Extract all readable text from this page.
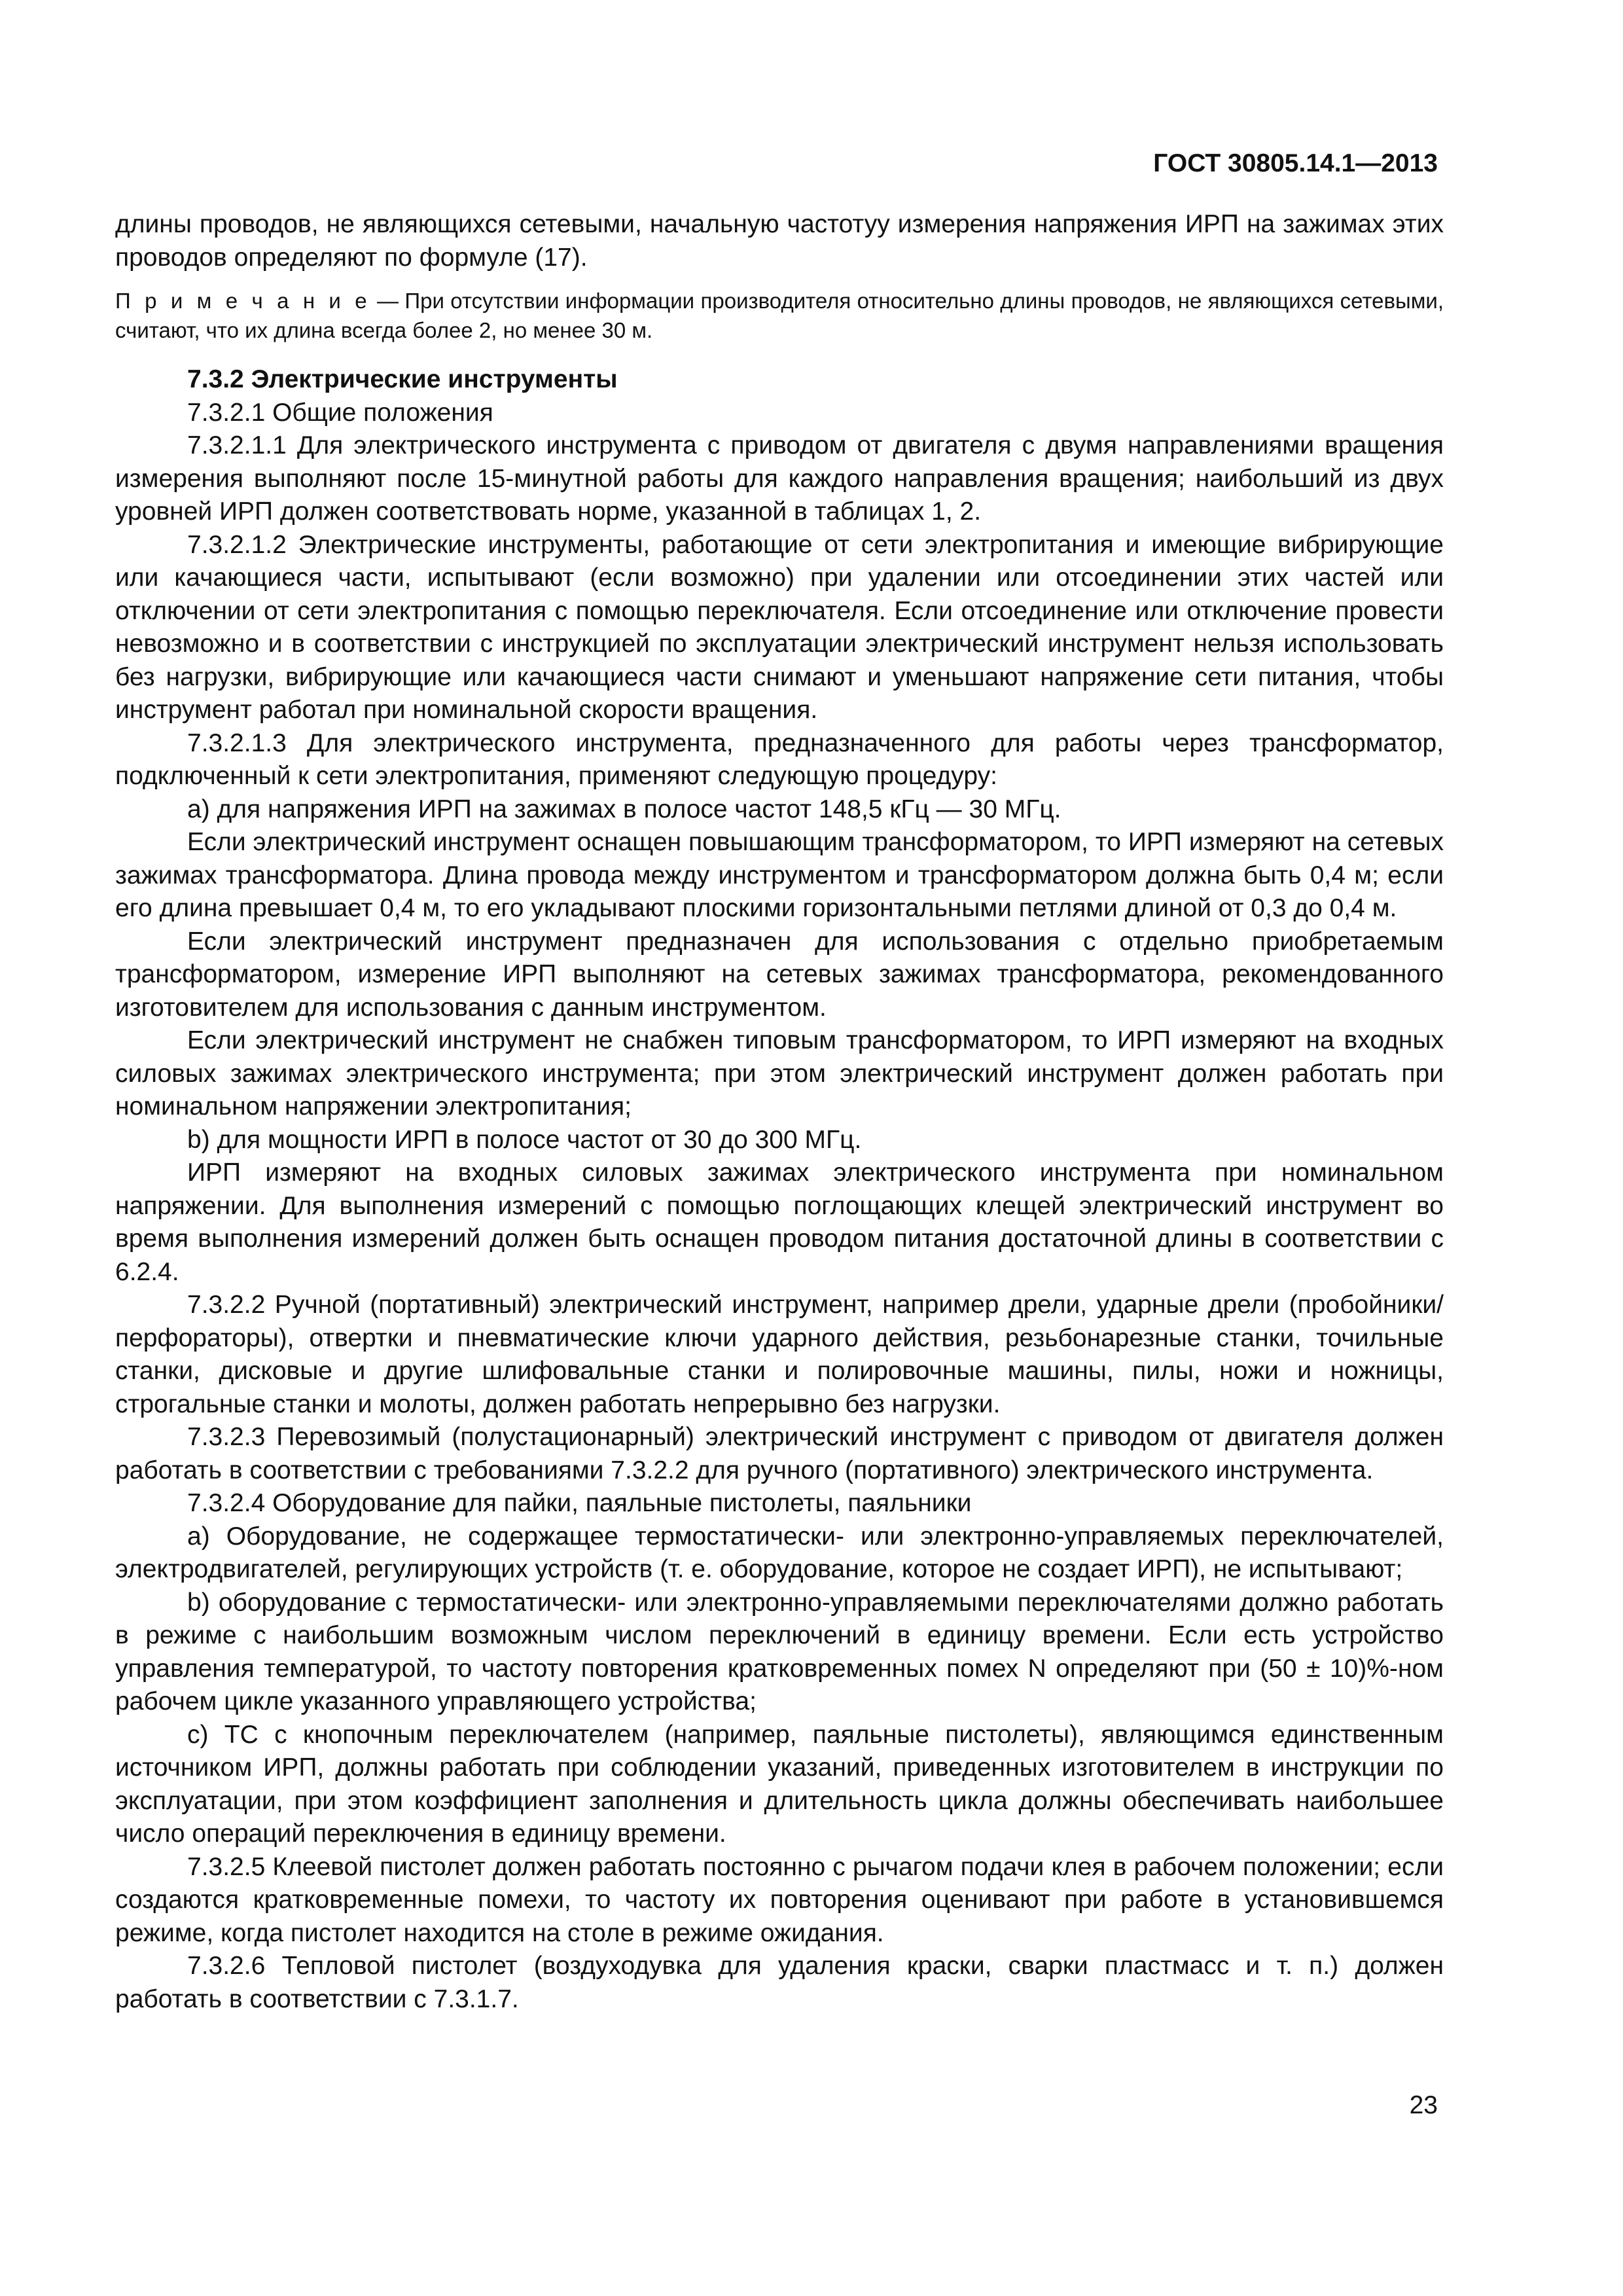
ГОСТ 30805.14.1—2013

длины проводов, не являющихся сетевыми, начальную частотуу измерения напряжения ИРП на зажимах этих проводов определяют по формуле (17).

П р и м е ч а н и е — При отсутствии информации производителя относительно длины проводов, не являющихся сетевыми, считают, что их длина всегда более 2, но менее 30 м.

7.3.2 Электрические инструменты

7.3.2.1 Общие положения

7.3.2.1.1 Для электрического инструмента с приводом от двигателя с двумя направлениями вращения измерения выполняют после 15-минутной работы для каждого направления вращения; наибольший из двух уровней ИРП должен соответствовать норме, указанной в таблицах 1, 2.

7.3.2.1.2 Электрические инструменты, работающие от сети электропитания и имеющие вибрирующие или качающиеся части, испытывают (если возможно) при удалении или отсоединении этих частей или отключении от сети электропитания с помощью переключателя. Если отсоединение или отключение провести невозможно и в соответствии с инструкцией по эксплуатации электрический инструмент нельзя использовать без нагрузки, вибрирующие или качающиеся части снимают и уменьшают напряжение сети питания, чтобы инструмент работал при номинальной скорости вращения.

7.3.2.1.3 Для электрического инструмента, предназначенного для работы через трансформатор, подключенный к сети электропитания, применяют следующую процедуру:

а) для напряжения ИРП на зажимах в полосе частот 148,5 кГц — 30 МГц.

Если электрический инструмент оснащен повышающим трансформатором, то ИРП измеряют на сетевых зажимах трансформатора. Длина провода между инструментом и трансформатором должна быть 0,4 м; если его длина превышает 0,4 м, то его укладывают плоскими горизонтальными петлями длиной от 0,3 до 0,4 м.

Если электрический инструмент предназначен для использования с отдельно приобретаемым трансформатором, измерение ИРП выполняют на сетевых зажимах трансформатора, рекомендованного изготовителем для использования с данным инструментом.

Если электрический инструмент не снабжен типовым трансформатором, то ИРП измеряют на входных силовых зажимах электрического инструмента; при этом электрический инструмент должен работать при номинальном напряжении электропитания;

b) для мощности ИРП в полосе частот от 30 до 300 МГц.

ИРП измеряют на входных силовых зажимах электрического инструмента при номинальном напряжении. Для выполнения измерений с помощью поглощающих клещей электрический инструмент во время выполнения измерений должен быть оснащен проводом питания достаточной длины в соответствии с 6.2.4.

7.3.2.2 Ручной (портативный) электрический инструмент, например дрели, ударные дрели (пробойники/перфораторы), отвертки и пневматические ключи ударного действия, резьбонарезные станки, точильные станки, дисковые и другие шлифовальные станки и полировочные машины, пилы, ножи и ножницы, строгальные станки и молоты, должен работать непрерывно без нагрузки.

7.3.2.3 Перевозимый (полустационарный) электрический инструмент с приводом от двигателя должен работать в соответствии с требованиями 7.3.2.2 для ручного (портативного) электрического инструмента.

7.3.2.4 Оборудование для пайки, паяльные пистолеты, паяльники

а) Оборудование, не содержащее термостатически- или электронно-управляемых переключателей, электродвигателей, регулирующих устройств (т. е. оборудование, которое не создает ИРП), не испытывают;

b) оборудование с термостатически- или электронно-управляемыми переключателями должно работать в режиме с наибольшим возможным числом переключений в единицу времени. Если есть устройство управления температурой, то частоту повторения кратковременных помех N определяют при (50 ± 10)%-ном рабочем цикле указанного управляющего устройства;

c) ТС с кнопочным переключателем (например, паяльные пистолеты), являющимся единственным источником ИРП, должны работать при соблюдении указаний, приведенных изготовителем в инструкции по эксплуатации, при этом коэффициент заполнения и длительность цикла должны обеспечивать наибольшее число операций переключения в единицу времени.

7.3.2.5 Клеевой пистолет должен работать постоянно с рычагом подачи клея в рабочем положении; если создаются кратковременные помехи, то частоту их повторения оценивают при работе в установившемся режиме, когда пистолет находится на столе в режиме ожидания.

7.3.2.6 Тепловой пистолет (воздуходувка для удаления краски, сварки пластмасс и т. п.) должен работать в соответствии с 7.3.1.7.

23
